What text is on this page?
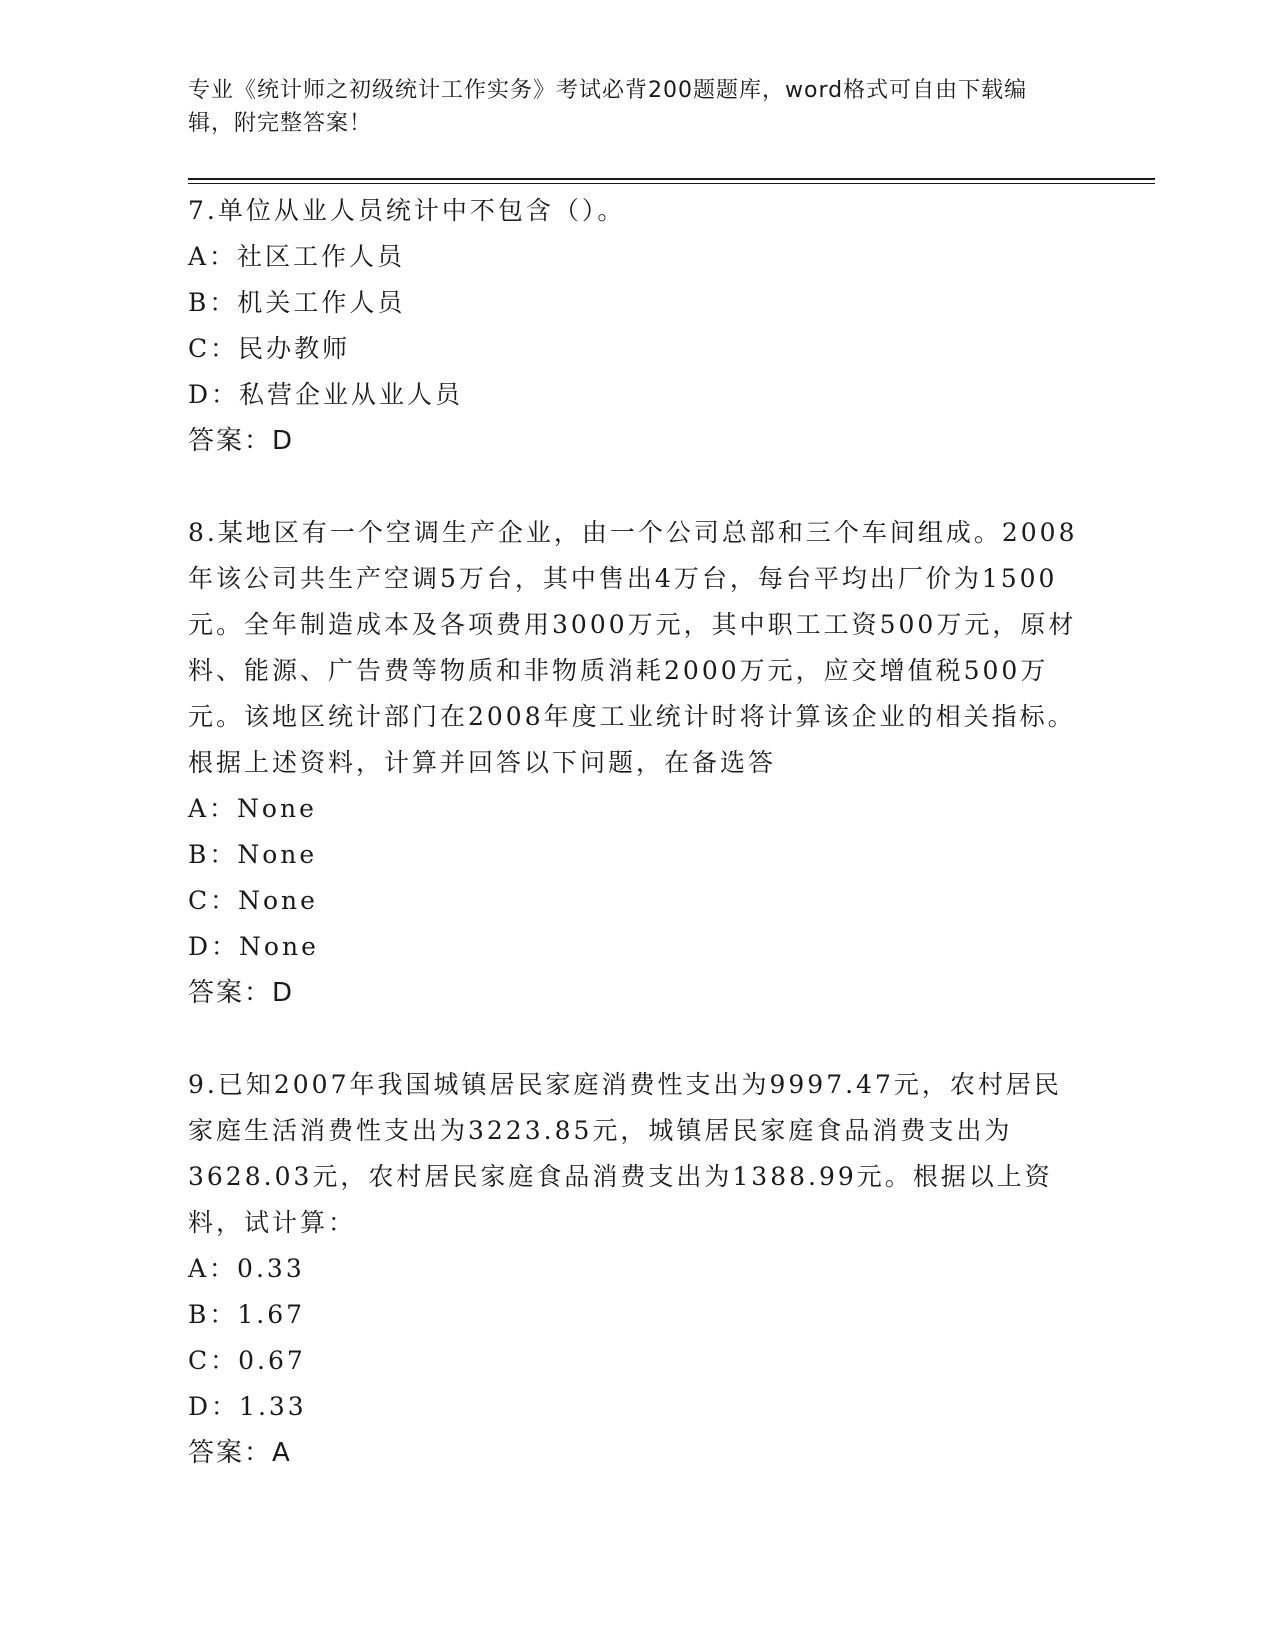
专业《统计师之初级统计工作实务》考试必背200题题库，word格式可自由下载编辑，附完整答案！

7.单位从业人员统计中不包含（）。

A：社区工作人员

B：机关工作人员

C：民办教师

D：私营企业从业人员

答案：D

8.某地区有一个空调生产企业，由一个公司总部和三个车间组成。2008年该公司共生产空调5万台，其中售出4万台，每台平均出厂价为1500元。全年制造成本及各项费用3000万元，其中职工工资500万元，原材料、能源、广告费等物质和非物质消耗2000万元，应交增值税500万元。该地区统计部门在2008年度工业统计时将计算该企业的相关指标。根据上述资料，计算并回答以下问题，在备选答

A：None

B：None

C：None

D：None

答案：D

9.已知2007年我国城镇居民家庭消费性支出为9997.47元，农村居民家庭生活消费性支出为3223.85元，城镇居民家庭食品消费支出为3628.03元，农村居民家庭食品消费支出为1388.99元。根据以上资料，试计算：

A：0.33

B：1.67

C：0.67

D：1.33

答案：A
